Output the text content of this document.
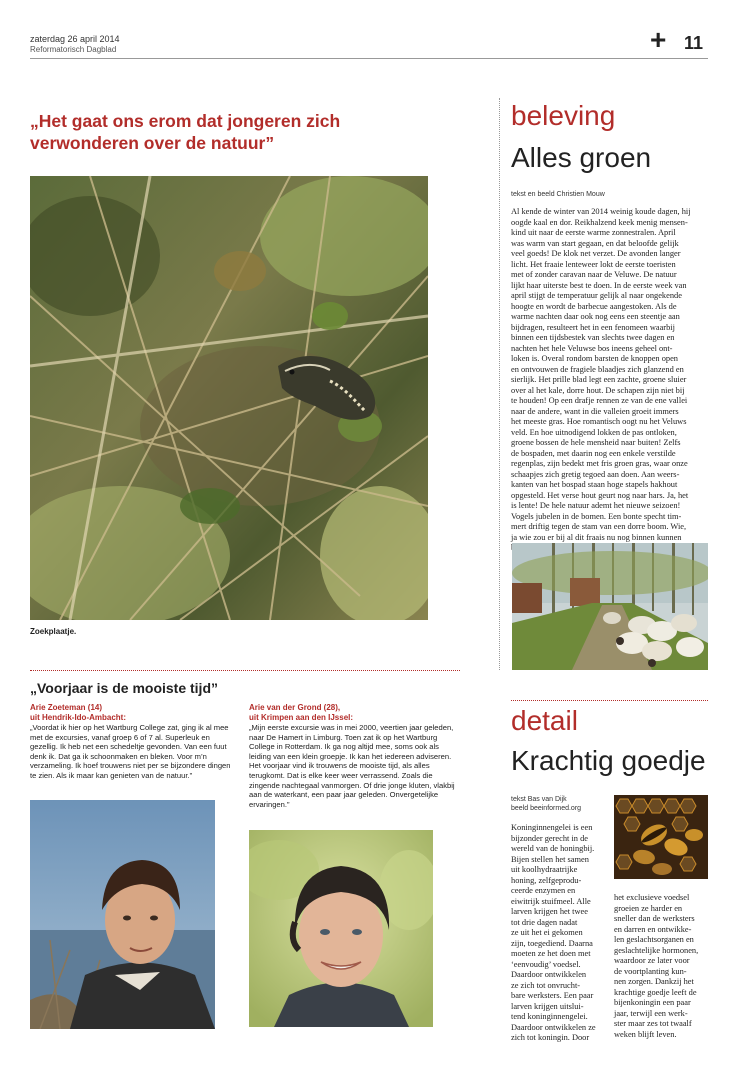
zaterdag 26 april 2014
Reformatorisch Dagblad	+ 11
„Het gaat ons erom dat jongeren zich verwonderen over de natuur”
Zoekplaatje.
beleving
Alles groen
tekst en beeld Christien Mouw
Al kende de winter van 2014 weinig koude dagen, hij
oogde kaal en dor. Reikhalzend keek menig mensen-
kind uit naar de eerste warme zonnestralen. April
was warm van start gegaan, en dat beloofde gelijk
veel goeds! De klok net verzet. De avonden langer
licht. Het fraaie lenteweer lokt de eerste toeristen
met of zonder caravan naar de Veluwe. De natuur
lijkt haar uiterste best te doen. In de eerste week van
april stijgt de temperatuur gelijk al naar ongekende
hoogte en wordt de barbecue aangestoken. Als de
warme nachten daar ook nog eens een steentje aan
bijdragen, resulteert het in een fenomeen waarbij
binnen een tijdsbestek van slechts twee dagen en
nachten het hele Veluwse bos ineens geheel ont-
loken is. Overal rondom barsten de knoppen open
en ontvouwen de fragiele blaadjes zich glanzend en
sierlijk. Het prille blad legt een zachte, groene sluier
over al het kale, dorre hout. De schapen zijn niet bij
te houden! Op een drafje rennen ze van de ene vallei
naar de andere, want in die valleien groeit immers
het meeste gras. Hoe romantisch oogt nu het Veluws
veld. En hoe uitnodigend lokken de pas ontloken,
groene bossen de hele mensheid naar buiten! Zelfs
de bospaden, met daarin nog een enkele verstilde
regenplas, zijn bedekt met fris groen gras, waar onze
schaapjes zich gretig tegoed aan doen. Aan weers-
kanten van het bospad staan hoge stapels hakhout
opgesteld. Het verse hout geurt nog naar hars. Ja, het
is lente! De hele natuur ademt het nieuwe seizoen!
Vogels jubelen in de bomen. Een bonte specht tim-
mert driftig tegen de stam van een dorre boom. Wie,
ja wie zou er bij al dit fraais nu nog binnen kunnen
detail
Krachtig goedje
tekst Bas van Dijk
beeld beeinformed.org
Koninginnengelei is een
bijzonder gerecht in de
wereld van de honingbij.
Bijen stellen het samen
uit koolhydraatrijke
honing, zelfgeprodu-
ceerde enzymen en
eiwitrijk stuifmeel. Alle
larven krijgen het twee
tot drie dagen nadat
ze uit het ei gekomen
zijn, toegediend. Daarna
moeten ze het doen met
‘eenvoudig’ voedsel.
Daardoor ontwikkelen
ze zich tot onvrucht-
bare werksters. Een paar
larven krijgen uitslui-
tend koninginnengelei.
Daardoor ontwikkelen ze
zich tot koningin. Door
het exclusieve voedsel
groeien ze harder en
sneller dan de werksters
en darren en ontwikke-
len geslachtsorganen en
geslachtelijke hormonen,
waardoor ze later voor
de voortplanting kun-
nen zorgen. Dankzij het
krachtige goedje leeft de
bijenkoningin een paar
jaar, terwijl een werk-
ster maar zes tot twaalf
weken blijft leven.
„Voorjaar is de mooiste tijd”
Arie Zoeteman (14)
uit Hendrik-Ido-Ambacht:
„Voordat ik hier op het Wartburg College zat, ging ik al mee met de excursies, vanaf groep 6 of 7 al. Superleuk en gezellig. Ik heb net een schedeltje gevonden. Van een fuut denk ik. Dat ga ik schoonmaken en bleken. Voor m’n verzameling. Ik hoef trouwens niet per se bijzondere dingen te zien. Als ik maar kan genieten van de natuur.”
Arie van der Grond (28),
uit Krimpen aan den IJssel:
„Mijn eerste excursie was in mei 2000, veertien jaar geleden, naar De Hamert in Limburg. Toen zat ik op het Wartburg College in Rotterdam. Ik ga nog altijd mee, soms ook als leiding van een klein groepje. Ik kan het iedereen adviseren. Het voorjaar vind ik trouwens de mooiste tijd, als alles terugkomt. Dat is elke keer weer verrassend. Zoals die zingende nachtegaal vanmorgen. Of drie jonge kluten, vlakbij aan de waterkant, een paar jaar geleden. Onvergetelijke ervaringen.”
